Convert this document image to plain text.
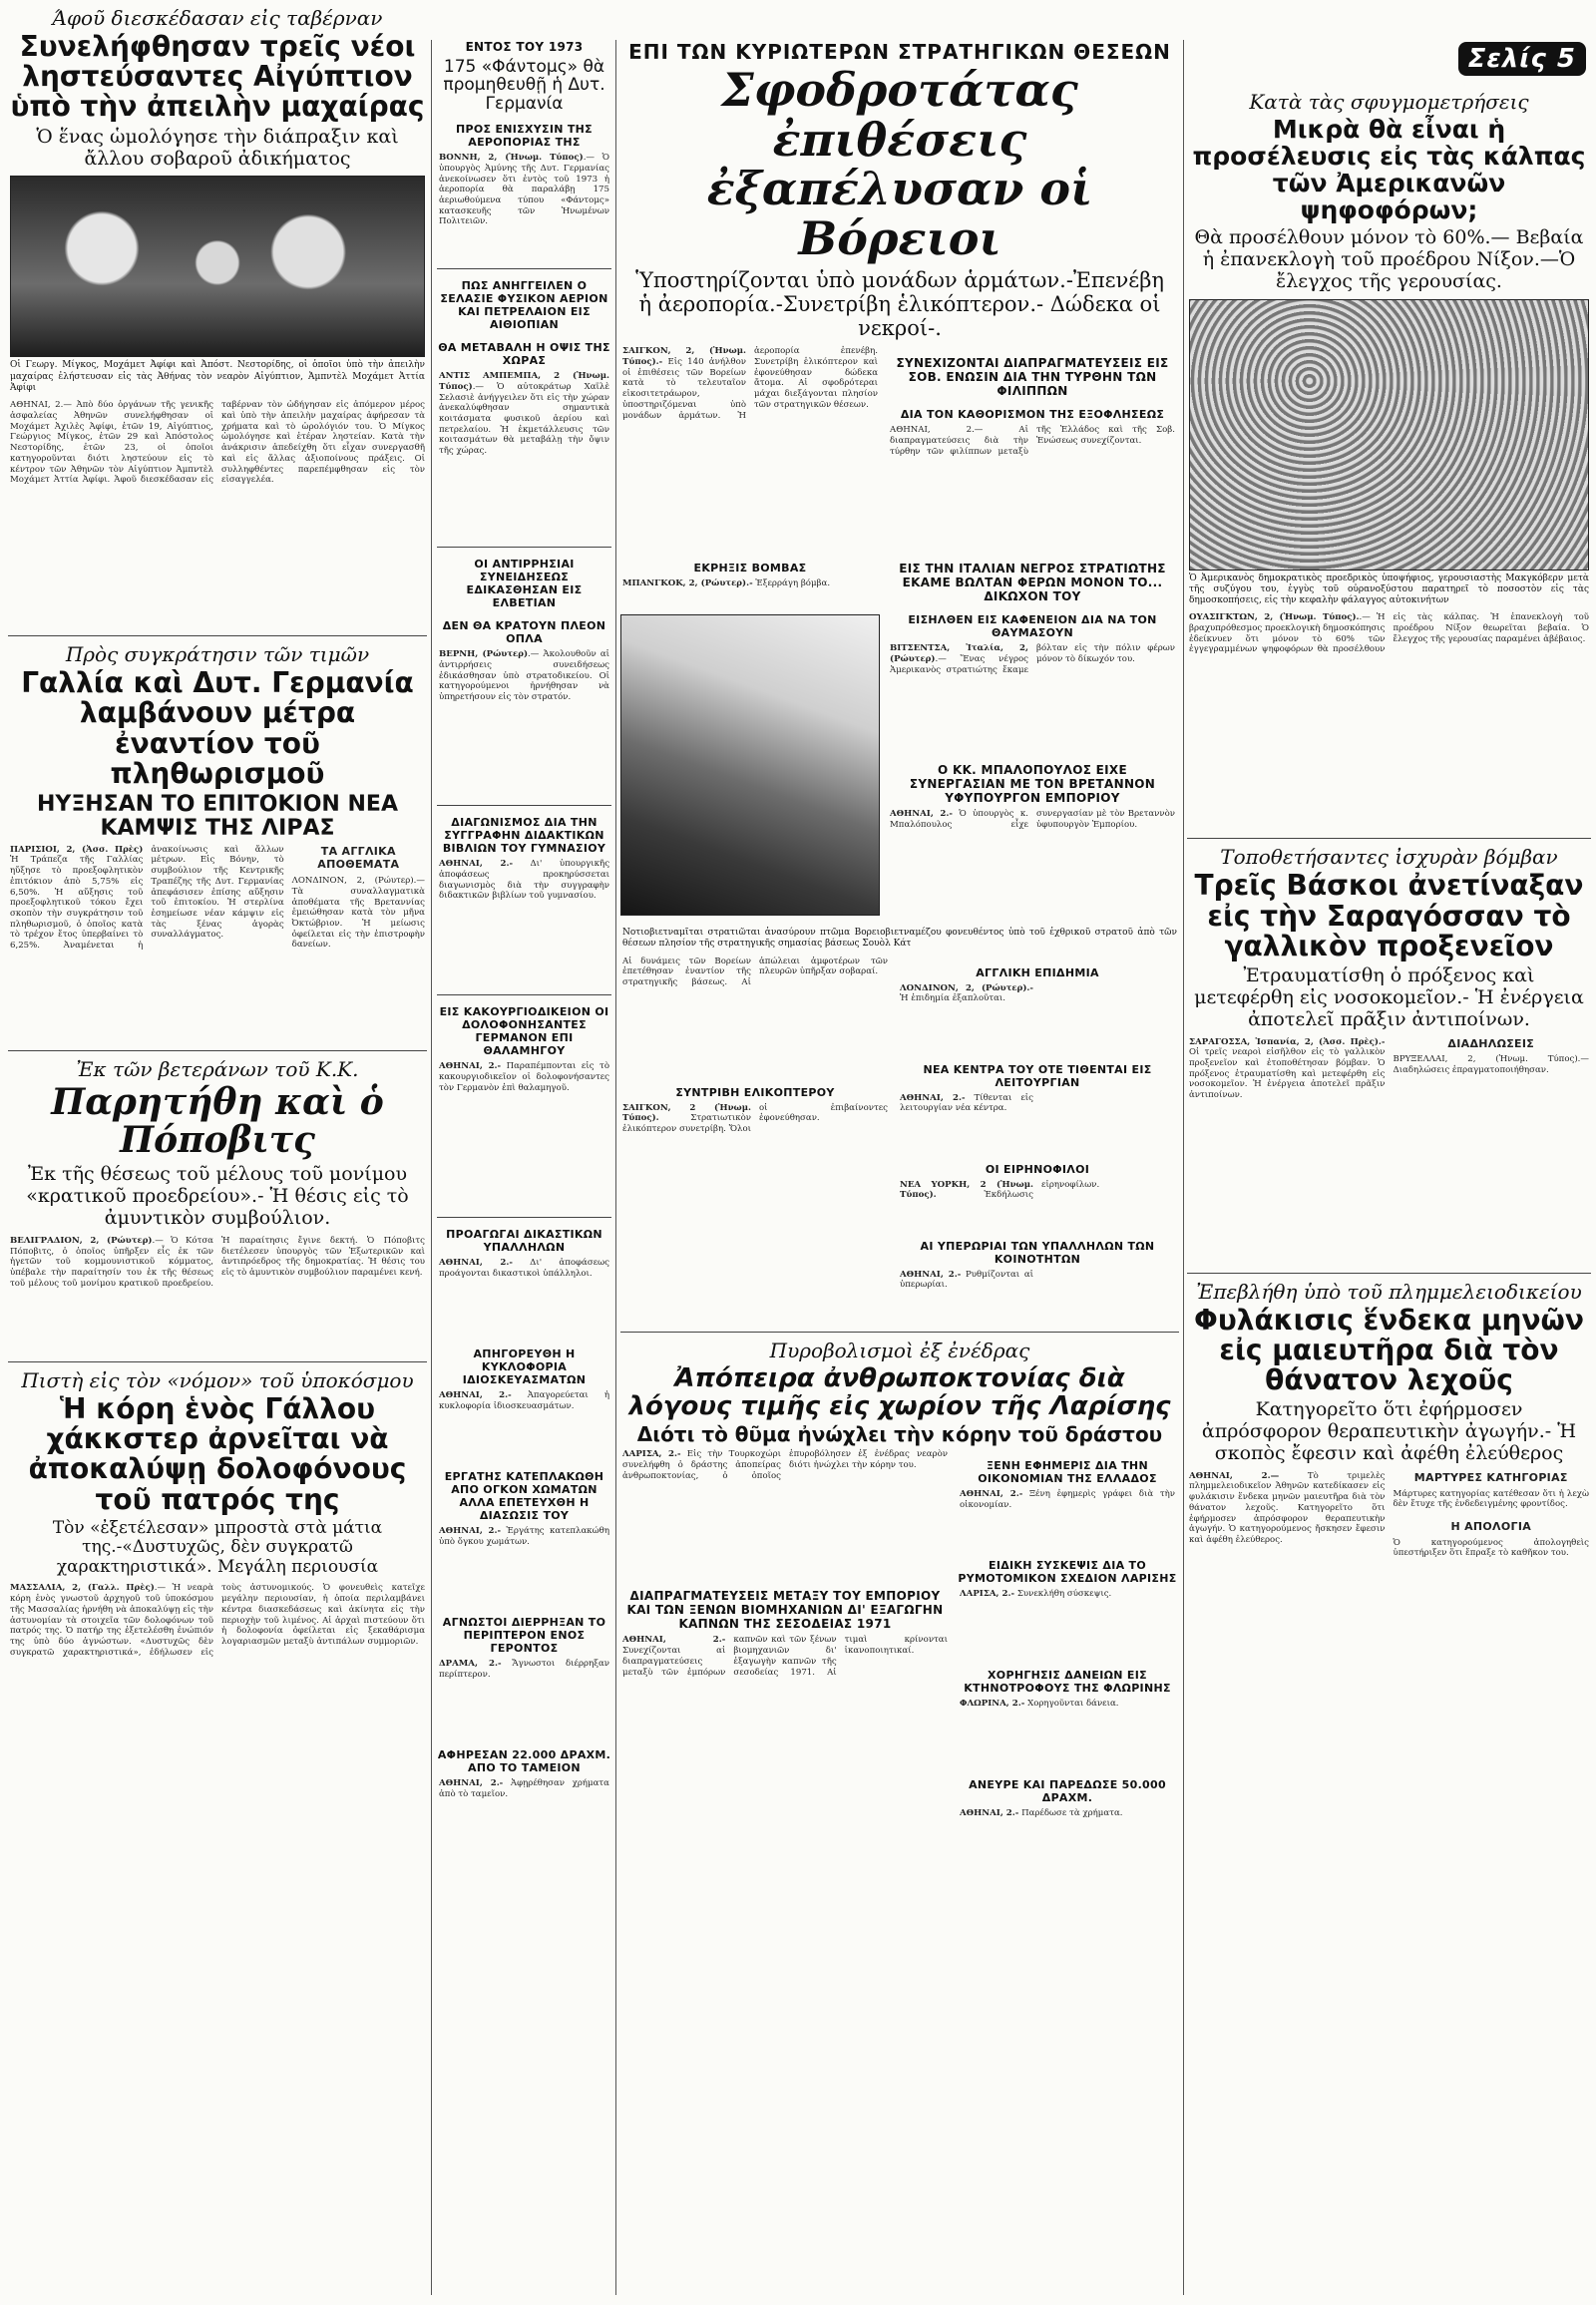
Σελίς 5
Άφοῦ διεσκέδασαν εἰς ταβέρναν
Συνελήφθησαν τρεῖς νέοι ληστεύσαντες Αἰγύπτιον ὑπὸ τὴν ἀπειλὴν μαχαίρας
Ὁ ἕνας ὡμολόγησε τὴν διάπραξιν καὶ ἄλλου σοβαροῦ ἀδικήματος
Οἱ Γεωργ. Μίγκος, Μοχάμετ Ἀφίφι καὶ Ἀπόστ. Νεστορίδης, οἱ ὁποῖοι ὑπὸ τὴν ἀπειλὴν μαχαίρας ἐλήστευσαν εἰς τὰς Ἀθήνας τὸν νεαρὸν Αἰγύπτιον, Ἀμπντὲλ Μοχάμετ Ἀττία Ἀφίφι
ΑΘΗΝΑΙ, 2.— Ἀπὸ δύο ὀργάνων τῆς γενικῆς ἀσφαλείας Ἀθηνῶν συνελήφθησαν οἱ Μοχάμετ Ἀχιλὲς Ἀφίφι, ἐτῶν 19, Αἰγύπτιος, Γεώργιος Μίγκος, ἐτῶν 29 καὶ Ἀπόστολος Νεστορίδης, ἐτῶν 23, οἱ ὁποῖοι κατηγοροῦνται διότι ληστεύουν εἰς τὸ κέντρον τῶν Ἀθηνῶν τὸν Αἰγύπτιον Ἀμπντὲλ Μοχάμετ Ἀττία Ἀφίφι. Ἀφοῦ διεσκέδασαν εἰς ταβέρναν τὸν ὡδήγησαν εἰς ἀπόμερον μέρος καὶ ὑπὸ τὴν ἀπειλὴν μαχαίρας ἀφήρεσαν τὰ χρήματα καὶ τὸ ὡρολόγιόν του. Ὁ Μίγκος ὡμολόγησε καὶ ἑτέραν ληστείαν. Κατὰ τὴν ἀνάκρισιν ἀπεδείχθη ὅτι εἶχαν συνεργασθῆ καὶ εἰς ἄλλας ἀξιοποίνους πράξεις. Οἱ συλληφθέντες παρεπέμφθησαν εἰς τὸν εἰσαγγελέα.
Πρὸς συγκράτησιν τῶν τιμῶν
Γαλλία καὶ Δυτ. Γερμανία λαμβάνουν μέτρα ἐναντίον τοῦ πληθωρισμοῦ
ΗΥΞΗΣΑΝ ΤΟ ΕΠΙΤΟΚΙΟΝ ΝΕΑ ΚΑΜΨΙΣ ΤΗΣ ΛΙΡΑΣ
ΠΑΡΙΣΙΟΙ, 2, (Ἀσσ. Πρὲς) Ἡ Τράπεζα τῆς Γαλλίας ηὔξησε τὸ προεξοφλητικὸν ἐπιτόκιον ἀπὸ 5,75% εἰς 6,50%. Ἡ αὔξησις τοῦ προεξοφλητικοῦ τόκου ἔχει σκοπὸν τὴν συγκράτησιν τοῦ πληθωρισμοῦ, ὁ ὁποῖος κατὰ τὸ τρέχον ἔτος ὑπερβαίνει τὸ 6,25%. Ἀναμένεται ἡ ἀνακοίνωσις καὶ ἄλλων μέτρων. Εἰς Βόνην, τὸ συμβούλιον τῆς Κεντρικῆς Τραπέζης τῆς Δυτ. Γερμανίας ἀπεφάσισεν ἐπίσης αὔξησιν τοῦ ἐπιτοκίου. Ἡ στερλίνα ἐσημείωσε νέαν κάμψιν εἰς τὰς ξένας ἀγορὰς συναλλάγματος.
ΤΑ ΑΓΓΛΙΚΑ ΑΠΟΘΕΜΑΤΑ
ΛΟΝΔΙΝΟΝ, 2, (Ρώυτερ).— Τὰ συναλλαγματικὰ ἀποθέματα τῆς Βρεταννίας ἐμειώθησαν κατὰ τὸν μῆνα Ὀκτώβριον. Ἡ μείωσις ὀφείλεται εἰς τὴν ἐπιστροφὴν δανείων.
Ἐκ τῶν βετεράνων τοῦ Κ.Κ.
Παρητήθη καὶ ὁ Πόποβιτς
Ἐκ τῆς θέσεως τοῦ μέλους τοῦ μονίμου «κρατικοῦ προεδρείου».- Ἡ θέσις εἰς τὸ ἀμυντικὸν συμβούλιον.
ΒΕΛΙΓΡΑΔΙΟΝ, 2, (Ρώυτερ).— Ὁ Κότσα Πόποβιτς, ὁ ὁποῖος ὑπῆρξεν εἷς ἐκ τῶν ἡγετῶν τοῦ κομμουνιστικοῦ κόμματος, ὑπέβαλε τὴν παραίτησίν του ἐκ τῆς θέσεως τοῦ μέλους τοῦ μονίμου κρατικοῦ προεδρείου. Ἡ παραίτησις ἔγινε δεκτή. Ὁ Πόποβιτς διετέλεσεν ὑπουργὸς τῶν Ἐξωτερικῶν καὶ ἀντιπρόεδρος τῆς δημοκρατίας. Ἡ θέσις του εἰς τὸ ἀμυντικὸν συμβούλιον παραμένει κενή.
Πιστὴ εἰς τὸν «νόμον» τοῦ ὑποκόσμου
Ἡ κόρη ἑνὸς Γάλλου χάκκστερ ἀρνεῖται νὰ ἀποκαλύψῃ δολοφόνους τοῦ πατρός της
Τὸν «ἐξετέλεσαν» μπροστὰ στὰ μάτια της.-«Δυστυχῶς, δὲν συγκρατῶ χαρακτηριστικά». Μεγάλη περιουσία
ΜΑΣΣΑΛΙΑ, 2, (Γαλλ. Πρὲς).— Ἡ νεαρὰ κόρη ἑνὸς γνωστοῦ ἀρχηγοῦ τοῦ ὑποκόσμου τῆς Μασσαλίας ἠρνήθη νὰ ἀποκαλύψῃ εἰς τὴν ἀστυνομίαν τὰ στοιχεῖα τῶν δολοφόνων τοῦ πατρός της. Ὁ πατήρ της ἐξετελέσθη ἐνώπιόν της ὑπὸ δύο ἀγνώστων. «Δυστυχῶς δὲν συγκρατῶ χαρακτηριστικά», ἐδήλωσεν εἰς τοὺς ἀστυνομικούς. Ὁ φονευθεὶς κατεῖχε μεγάλην περιουσίαν, ἡ ὁποία περιλαμβάνει κέντρα διασκεδάσεως καὶ ἀκίνητα εἰς τὴν περιοχὴν τοῦ λιμένος. Αἱ ἀρχαὶ πιστεύουν ὅτι ἡ δολοφονία ὀφείλεται εἰς ξεκαθάρισμα λογαριασμῶν μεταξὺ ἀντιπάλων συμμοριῶν.
ΕΝΤΟΣ ΤΟΥ 1973
175 «Φάντομς» θὰ προμηθευθῇ ἡ Δυτ. Γερμανία
ΠΡΟΣ ΕΝΙΣΧΥΣΙΝ ΤΗΣ ΑΕΡΟΠΟΡΙΑΣ ΤΗΣ
ΒΟΝΝΗ, 2, (Ἠνωμ. Τύπος).— Ὁ ὑπουργὸς Ἀμύνης τῆς Δυτ. Γερμανίας ἀνεκοίνωσεν ὅτι ἐντὸς τοῦ 1973 ἡ ἀεροπορία θὰ παραλάβῃ 175 ἀεριωθούμενα τύπου «Φάντομς» κατασκευῆς τῶν Ἡνωμένων Πολιτειῶν.
ΠΩΣ ΑΝΗΓΓΕΙΛΕΝ Ο ΣΕΛΑΣΙΕ ΦΥΣΙΚΟΝ ΑΕΡΙΟΝ ΚΑΙ ΠΕΤΡΕΛΑΙΟΝ ΕΙΣ ΑΙΘΙΟΠΙΑΝ
ΘΑ ΜΕΤΑΒΑΛΗ Η ΟΨΙΣ ΤΗΣ ΧΩΡΑΣ
ΑΝΤΙΣ ΑΜΠΕΜΠΑ, 2 (Ἠνωμ. Τύπος).— Ὁ αὐτοκράτωρ Χαϊλὲ Σελασιὲ ἀνήγγειλεν ὅτι εἰς τὴν χώραν ἀνεκαλύφθησαν σημαντικὰ κοιτάσματα φυσικοῦ ἀερίου καὶ πετρελαίου. Ἡ ἐκμετάλλευσις τῶν κοιτασμάτων θὰ μεταβάλῃ τὴν ὄψιν τῆς χώρας.
ΟΙ ΑΝΤΙΡΡΗΣΙΑΙ ΣΥΝΕΙΔΗΣΕΩΣ ΕΔΙΚΑΣΘΗΣΑΝ ΕΙΣ ΕΛΒΕΤΙΑΝ
ΔΕΝ ΘΑ ΚΡΑΤΟΥΝ ΠΛΕΟΝ ΟΠΛΑ
ΒΕΡΝΗ, (Ρώυτερ).— Ἀκολουθοῦν αἱ ἀντιρρήσεις συνειδήσεως ἐδικάσθησαν ὑπὸ στρατοδικείου. Οἱ κατηγορούμενοι ἠρνήθησαν νὰ ὑπηρετήσουν εἰς τὸν στρατόν.
ΔΙΑΓΩΝΙΣΜΟΣ ΔΙΑ ΤΗΝ ΣΥΓΓΡΑΦΗΝ ΔΙΔΑΚΤΙΚΩΝ ΒΙΒΛΙΩΝ ΤΟΥ ΓΥΜΝΑΣΙΟΥ
ΑΘΗΝΑΙ, 2.- Δι' ὑπουργικῆς ἀποφάσεως προκηρύσσεται διαγωνισμὸς διὰ τὴν συγγραφὴν διδακτικῶν βιβλίων τοῦ γυμνασίου.
ΕΙΣ ΚΑΚΟΥΡΓΙΟΔΙΚΕΙΟΝ ΟΙ ΔΟΛΟΦΟΝΗΣΑΝΤΕΣ ΓΕΡΜΑΝΟΝ ΕΠΙ ΘΑΛΑΜΗΓΟΥ
ΑΘΗΝΑΙ, 2.- Παραπέμπονται εἰς τὸ κακουργιοδικεῖον οἱ δολοφονήσαντες τὸν Γερμανὸν ἐπὶ θαλαμηγοῦ.
ΠΡΟΑΓΩΓΑΙ ΔΙΚΑΣΤΙΚΩΝ ΥΠΑΛΛΗΛΩΝ
ΑΘΗΝΑΙ, 2.- Δι' ἀποφάσεως προάγονται δικαστικοὶ ὑπάλληλοι.
ΑΠΗΓΟΡΕΥΘΗ Η ΚΥΚΛΟΦΟΡΙΑ ΙΔΙΟΣΚΕΥΑΣΜΑΤΩΝ
ΑΘΗΝΑΙ, 2.- Ἀπαγορεύεται ἡ κυκλοφορία ἰδιοσκευασμάτων.
ΕΡΓΑΤΗΣ ΚΑΤΕΠΛΑΚΩΘΗ ΑΠΟ ΟΓΚΟΝ ΧΩΜΑΤΩΝ ΑΛΛΑ ΕΠΕΤΕΥΧΘΗ Η ΔΙΑΣΩΣΙΣ ΤΟΥ
ΑΘΗΝΑΙ, 2.- Ἐργάτης κατεπλακώθη ὑπὸ ὄγκου χωμάτων.
ΑΓΝΩΣΤΟΙ ΔΙΕΡΡΗΞΑΝ ΤΟ ΠΕΡΙΠΤΕΡΟΝ ΕΝΟΣ ΓΕΡΟΝΤΟΣ
ΔΡΑΜΑ, 2.- Ἄγνωστοι διέρρηξαν περίπτερον.
ΑΦΗΡΕΣΑΝ 22.000 ΔΡΑΧΜ. ΑΠΟ ΤΟ ΤΑΜΕΙΟΝ
ΑΘΗΝΑΙ, 2.- Ἀφῃρέθησαν χρήματα ἀπὸ τὸ ταμεῖον.
ΕΠΙ ΤΩΝ ΚΥΡΙΩΤΕΡΩΝ ΣΤΡΑΤΗΓΙΚΩΝ ΘΕΣΕΩΝ
Σφοδροτάτας ἐπιθέσεις ἐξαπέλυσαν οἱ Βόρειοι
Ὑποστηρίζονται ὑπὸ μονάδων ἁρμάτων.-Ἐπενέβη ἡ ἀεροπορία.-Συνετρίβη ἑλικόπτερον.- Δώδεκα οἱ νεκροί-.
ΣΑΙΓΚΟΝ, 2, (Ἠνωμ. Τύπος).- Εἰς 140 ἀνήλθον οἱ ἐπιθέσεις τῶν Βορείων κατὰ τὸ τελευταῖον εἰκοσιτετράωρον, ὑποστηριζόμεναι ὑπὸ μονάδων ἁρμάτων. Ἡ ἀεροπορία ἐπενέβη. Συνετρίβη ἑλικόπτερον καὶ ἐφονεύθησαν δώδεκα ἄτομα. Αἱ σφοδρότεραι μάχαι διεξάγονται πλησίον τῶν στρατηγικῶν θέσεων.
ΣΥΝΕΧΙΖΟΝΤΑΙ ΔΙΑΠΡΑΓΜΑΤΕΥΣΕΙΣ ΕΙΣ ΣΟΒ. ΕΝΩΣΙΝ ΔΙΑ ΤΗΝ ΤΥΡΘΗΝ ΤΩΝ ΦΙΛΙΠΠΩΝ
ΔΙΑ ΤΟΝ ΚΑΘΟΡΙΣΜΟΝ ΤΗΣ ΕΞΟΦΛΗΣΕΩΣ
ΑΘΗΝΑΙ, 2.— Αἱ διαπραγματεύσεις διὰ τὴν τύρθην τῶν φιλίππων μεταξὺ τῆς Ἑλλάδος καὶ τῆς Σοβ. Ἑνώσεως συνεχίζονται.
ΕΚΡΗΞΙΣ ΒΟΜΒΑΣ
ΜΠΑΝΓΚΟΚ, 2, (Ρώυτερ).- Ἐξερράγη βόμβα.
ΕΙΣ ΤΗΝ ΙΤΑΛΙΑΝ ΝΕΓΡΟΣ ΣΤΡΑΤΙΩΤΗΣ ΕΚΑΜΕ ΒΩΛΤΑΝ ΦΕΡΩΝ ΜΟΝΟΝ ΤΟ... ΔΙΚΩΧΟΝ ΤΟΥ
ΕΙΣΗΛΘΕΝ ΕΙΣ ΚΑΦΕΝΕΙΟΝ ΔΙΑ ΝΑ ΤΟΝ ΘΑΥΜΑΣΟΥΝ
ΒΙΤΣΕΝΤΣΑ, Ἰταλία, 2, (Ρώυτερ).— Ἕνας νέγρος Ἀμερικανὸς στρατιώτης ἔκαμε βόλταν εἰς τὴν πόλιν φέρων μόνον τὸ δίκωχόν του.
Ο ΚΚ. ΜΠΑΛΟΠΟΥΛΟΣ ΕΙΧΕ ΣΥΝΕΡΓΑΣΙΑΝ ΜΕ ΤΟΝ ΒΡΕΤΑΝΝΟΝ ΥΦΥΠΟΥΡΓΟΝ ΕΜΠΟΡΙΟΥ
ΑΘΗΝΑΙ, 2.- Ὁ ὑπουργὸς κ. Μπαλόπουλος εἶχε συνεργασίαν μὲ τὸν Βρεταννὸν ὑφυπουργὸν Ἐμπορίου.
Νοτιοβιετναμῖται στρατιῶται ἀνασύρουν πτῶμα Βορειοβιετναμέζου φονευθέντος ὑπὸ τοῦ ἐχθρικοῦ στρατοῦ ἀπὸ τῶν θέσεων πλησίον τῆς στρατηγικῆς σημασίας βάσεως Σουὸλ Κάτ
Αἱ δυνάμεις τῶν Βορείων ἐπετέθησαν ἐναντίον τῆς στρατηγικῆς βάσεως. Αἱ ἀπώλειαι ἀμφοτέρων τῶν πλευρῶν ὑπῆρξαν σοβαραί.
ΣΥΝΤΡΙΒΗ ΕΛΙΚΟΠΤΕΡΟΥ
ΣΑΙΓΚΟΝ, 2 (Ἠνωμ. Τύπος). Στρατιωτικὸν ἑλικόπτερον συνετρίβη. Ὅλοι οἱ ἐπιβαίνοντες ἐφονεύθησαν.
ΑΓΓΛΙΚΗ ΕΠΙΔΗΜΙΑ
ΛΟΝΔΙΝΟΝ, 2, (Ρώυτερ).- Ἡ ἐπιδημία ἐξαπλοῦται.
ΝΕΑ ΚΕΝΤΡΑ ΤΟΥ ΟΤΕ ΤΙΘΕΝΤΑΙ ΕΙΣ ΛΕΙΤΟΥΡΓΙΑΝ
ΑΘΗΝΑΙ, 2.- Τίθενται εἰς λειτουργίαν νέα κέντρα.
ΟΙ ΕΙΡΗΝΟΦΙΛΟΙ
ΝΕΑ ΥΟΡΚΗ, 2 (Ἠνωμ. Τύπος). Ἐκδήλωσις εἰρηνοφίλων.
ΑΙ ΥΠΕΡΩΡΙΑΙ ΤΩΝ ΥΠΑΛΛΗΛΩΝ ΤΩΝ ΚΟΙΝΟΤΗΤΩΝ
ΑΘΗΝΑΙ, 2.- Ρυθμίζονται αἱ ὑπερωρίαι.
Πυροβολισμοὶ ἐξ ἐνέδρας
Ἀπόπειρα ἀνθρωποκτονίας διὰ λόγους τιμῆς εἰς χωρίον τῆς Λαρίσης
Διότι τὸ θῦμα ἠνώχλει τὴν κόρην τοῦ δράστου
ΛΑΡΙΣΑ, 2.- Εἰς τὴν Τουρκοχώρι συνελήφθη ὁ δράστης ἀποπείρας ἀνθρωποκτονίας, ὁ ὁποῖος ἐπυροβόλησεν ἐξ ἐνέδρας νεαρὸν διότι ἠνώχλει τὴν κόρην του.
ΔΙΑΠΡΑΓΜΑΤΕΥΣΕΙΣ ΜΕΤΑΞΥ ΤΟΥ ΕΜΠΟΡΙΟΥ ΚΑΙ ΤΩΝ ΞΕΝΩΝ ΒΙΟΜΗΧΑΝΙΩΝ ΔΙ' ΕΞΑΓΩΓΗΝ ΚΑΠΝΩΝ ΤΗΣ ΣΕΣΟΔΕΙΑΣ 1971
ΑΘΗΝΑΙ, 2.- Συνεχίζονται αἱ διαπραγματεύσεις μεταξὺ τῶν ἐμπόρων καπνῶν καὶ τῶν ξένων βιομηχανιῶν δι' ἐξαγωγὴν καπνῶν τῆς σεσοδείας 1971. Αἱ τιμαὶ κρίνονται ἱκανοποιητικαί.
ΞΕΝΗ ΕΦΗΜΕΡΙΣ ΔΙΑ ΤΗΝ ΟΙΚΟΝΟΜΙΑΝ ΤΗΣ ΕΛΛΑΔΟΣ
ΑΘΗΝΑΙ, 2.- Ξένη ἐφημερὶς γράφει διὰ τὴν οἰκονομίαν.
ΕΙΔΙΚΗ ΣΥΣΚΕΨΙΣ ΔΙΑ ΤΟ ΡΥΜΟΤΟΜΙΚΟΝ ΣΧΕΔΙΟΝ ΛΑΡΙΣΗΣ
ΛΑΡΙΣΑ, 2.- Συνεκλήθη σύσκεψις.
ΧΟΡΗΓΗΣΙΣ ΔΑΝΕΙΩΝ ΕΙΣ ΚΤΗΝΟΤΡΟΦΟΥΣ ΤΗΣ ΦΛΩΡΙΝΗΣ
ΦΛΩΡΙΝΑ, 2.- Χορηγοῦνται δάνεια.
ΑΝΕΥΡΕ ΚΑΙ ΠΑΡΕΔΩΣΕ 50.000 ΔΡΑΧΜ.
ΑΘΗΝΑΙ, 2.- Παρέδωσε τὰ χρήματα.
Κατὰ τὰς σφυγμομετρήσεις
Μικρὰ θὰ εἶναι ἡ προσέλευσις εἰς τὰς κάλπας τῶν Ἀμερικανῶν ψηφοφόρων;
Θὰ προσέλθουν μόνον τὸ 60%.— Βεβαία ἡ ἐπανεκλογὴ τοῦ προέδρου Νίξον.—Ὁ ἔλεγχος τῆς γερουσίας.
Ὁ Ἀμερικανὸς δημοκρατικὸς προεδρικὸς ὑποψήφιος, γερουσιαστὴς Μακγκόβερν μετὰ τῆς συζύγου του, ἐγγὺς τοῦ οὐρανοξύστου παρατηρεῖ τὸ ποσοστὸν εἰς τὰς δημοσκοπήσεις, εἰς τὴν κεφαλὴν φάλαγγος αὐτοκινήτων
ΟΥΑΣΙΓΚΤΩΝ, 2, (Ἠνωμ. Τύπος)..— Ἡ βραχυπρόθεσμος προεκλογικὴ δημοσκόπησις ἐδείκνυεν ὅτι μόνον τὸ 60% τῶν ἐγγεγραμμένων ψηφοφόρων θὰ προσέλθουν εἰς τὰς κάλπας. Ἡ ἐπανεκλογὴ τοῦ προέδρου Νίξον θεωρεῖται βεβαία. Ὁ ἔλεγχος τῆς γερουσίας παραμένει ἀβέβαιος.
Τοποθετήσαντες ἰσχυρὰν βόμβαν
Τρεῖς Βάσκοι ἀνετίναξαν εἰς τὴν Σαραγόσσαν τὸ γαλλικὸν προξενεῖον
Ἐτραυματίσθη ὁ πρόξενος καὶ μετεφέρθη εἰς νοσοκομεῖον.- Ἡ ἐνέργεια ἀποτελεῖ πρᾶξιν ἀντιποίνων.
ΣΑΡΑΓΟΣΣΑ, Ἱσπανία, 2, (Ἀσσ. Πρὲς).- Οἱ τρεῖς νεαροὶ εἰσῆλθον εἰς τὸ γαλλικὸν προξενεῖον καὶ ἐτοποθέτησαν βόμβαν. Ὁ πρόξενος ἐτραυματίσθη καὶ μετεφέρθη εἰς νοσοκομεῖον. Ἡ ἐνέργεια ἀποτελεῖ πρᾶξιν ἀντιποίνων.
ΔΙΑΔΗΛΩΣΕΙΣ
ΒΡΥΞΕΛΛΑΙ, 2, (Ἠνωμ. Τύπος).— Διαδηλώσεις ἐπραγματοποιήθησαν.
Ἐπεβλήθη ὑπὸ τοῦ πλημμελειοδικείου
Φυλάκισις ἕνδεκα μηνῶν εἰς μαιευτῆρα διὰ τὸν θάνατον λεχοῦς
Κατηγορεῖτο ὅτι ἐφήρμοσεν ἀπρόσφορον θεραπευτικὴν ἀγωγήν.- Ἡ σκοπὸς ἔφεσιν καὶ ἀφέθη ἐλεύθερος
ΑΘΗΝΑΙ, 2.— Τὸ τριμελὲς πλημμελειοδικεῖον Ἀθηνῶν κατεδίκασεν εἰς φυλάκισιν ἕνδεκα μηνῶν μαιευτῆρα διὰ τὸν θάνατον λεχοῦς. Κατηγορεῖτο ὅτι ἐφήρμοσεν ἀπρόσφορον θεραπευτικὴν ἀγωγήν. Ὁ κατηγορούμενος ἤσκησεν ἔφεσιν καὶ ἀφέθη ἐλεύθερος.
ΜΑΡΤΥΡΕΣ ΚΑΤΗΓΟΡΙΑΣ
Μάρτυρες κατηγορίας κατέθεσαν ὅτι ἡ λεχὼ δὲν ἔτυχε τῆς ἐνδεδειγμένης φροντίδος.
Η ΑΠΟΛΟΓΙΑ
Ὁ κατηγορούμενος ἀπολογηθεὶς ὑπεστήριξεν ὅτι ἔπραξε τὸ καθῆκον του.
